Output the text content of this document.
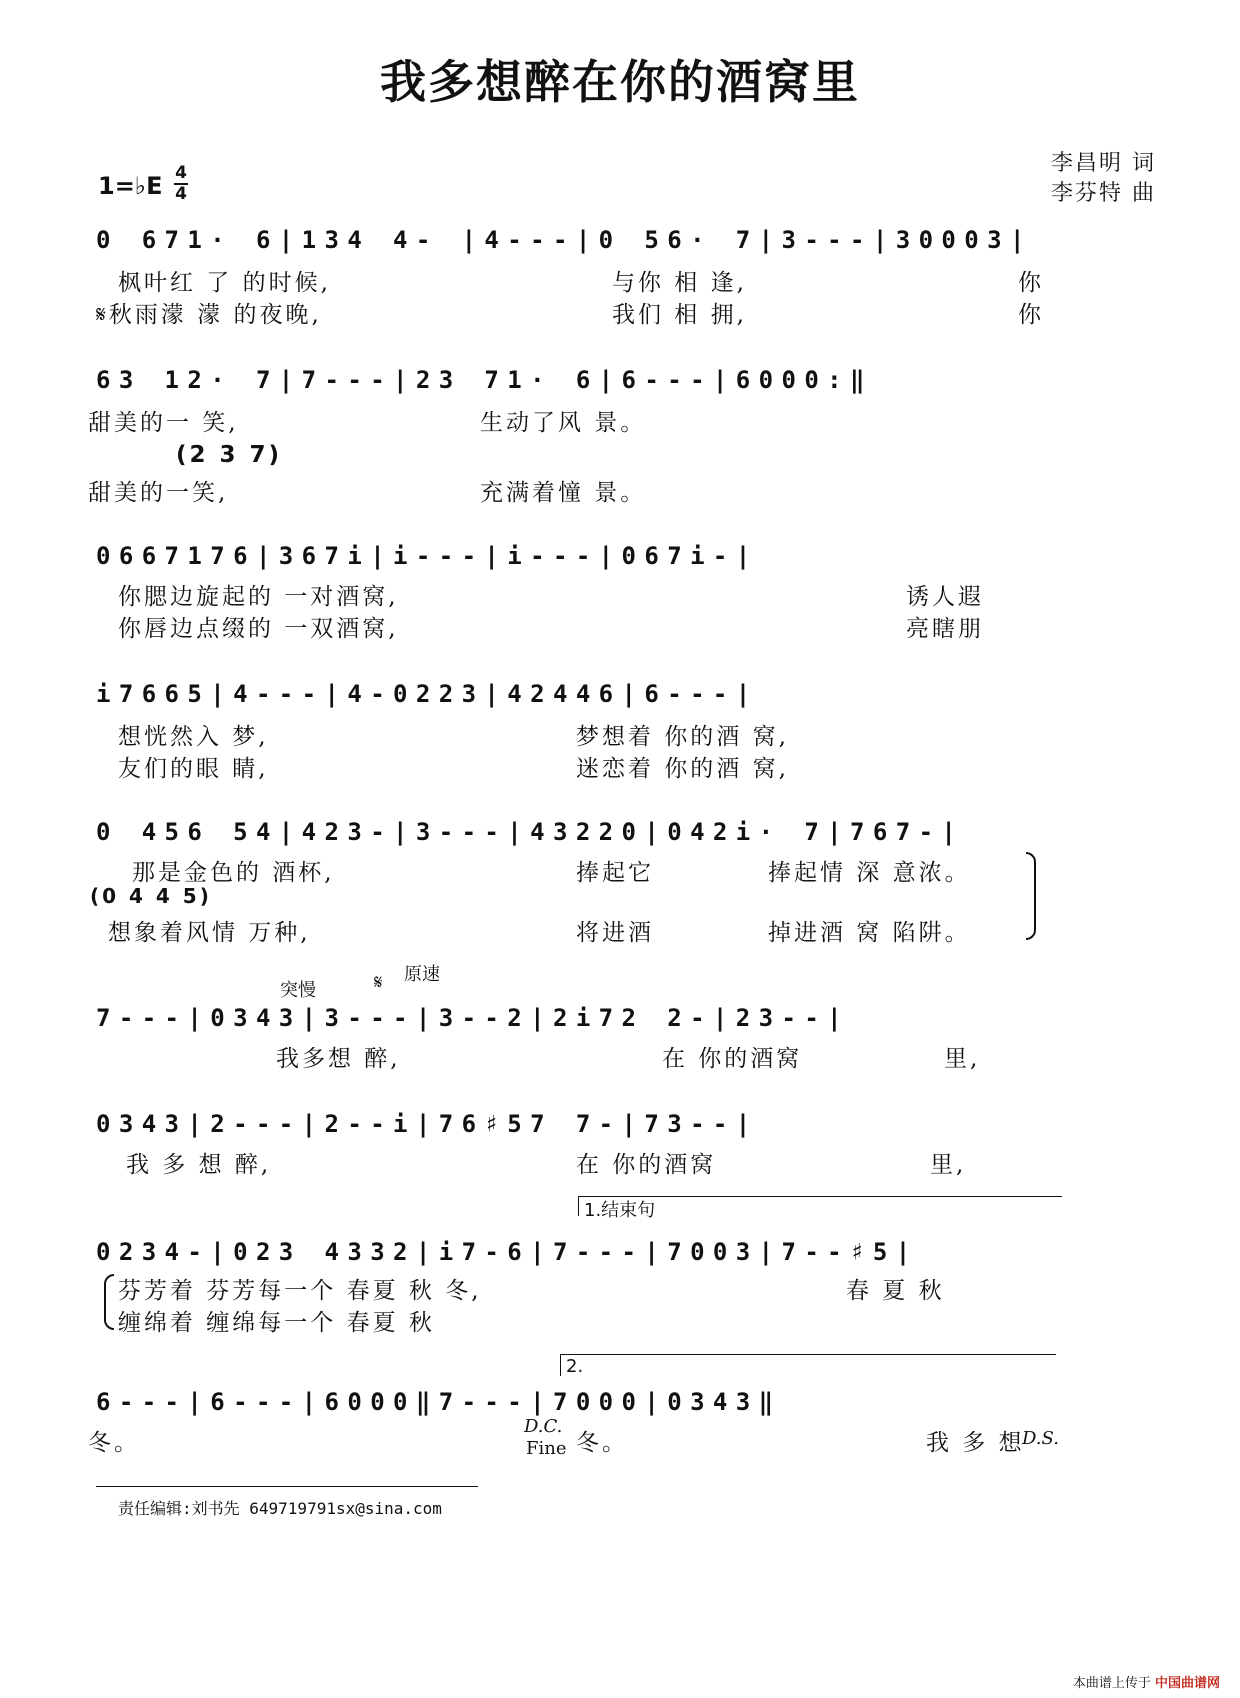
我多想醉在你的酒窝里
李昌明 词
李芬特 曲
1=♭E 4
4
0 671· 6|134 4- |4---|0 56· 7|3---|30003|
枫叶红 了 的时候,	与你 相 逢,	你
𝄋秋雨濛 濛 的夜晚,	我们 相 拥,	你
63 12· 7|7---|23 71· 6|6---|6000:‖
甜美的一 笑,	生动了风 景。
(2 3 7)
甜美的一笑,	充满着憧 景。
0667176|367i|i---|i---|067i-|
你腮边旋起的 一对酒窝,	诱人遐
你唇边点缀的 一双酒窝,	亮瞎朋
i7665|4---|4-0223|42446|6---|
想恍然入 梦,	梦想着 你的酒 窝,
友们的眼 睛,	迷恋着 你的酒 窝,
0 456 54|423-|3---|43220|042i· 7|767-|
那是金色的 酒杯,	捧起它	捧起情 深 意浓。
(0 4 4 5)
想象着风情 万种,	将进酒	掉进酒 窝 陷阱。
突慢
原速
𝄋
7---|0343|3---|3--2|2i72 2-|23--|
我多想 醉,	在 你的酒窝	里,
0343|2---|2--i|76♯57 7-|73--|
我 多 想 醉,	在 你的酒窝	里,
1.结束句
0234-|023 4332|i7-6|7---|7003|7--♯5|
芬芳着 芬芳每一个 春夏 秋 冬,	春 夏 秋
缠绵着 缠绵每一个 春夏 秋
2.
6---|6---|6000‖7---|7000|0343‖
冬。	冬。	我 多 想
D.C.
Fine	D.S.
责任编辑:刘书先 649719791sx@sina.com
本曲谱上传于 中国曲谱网
